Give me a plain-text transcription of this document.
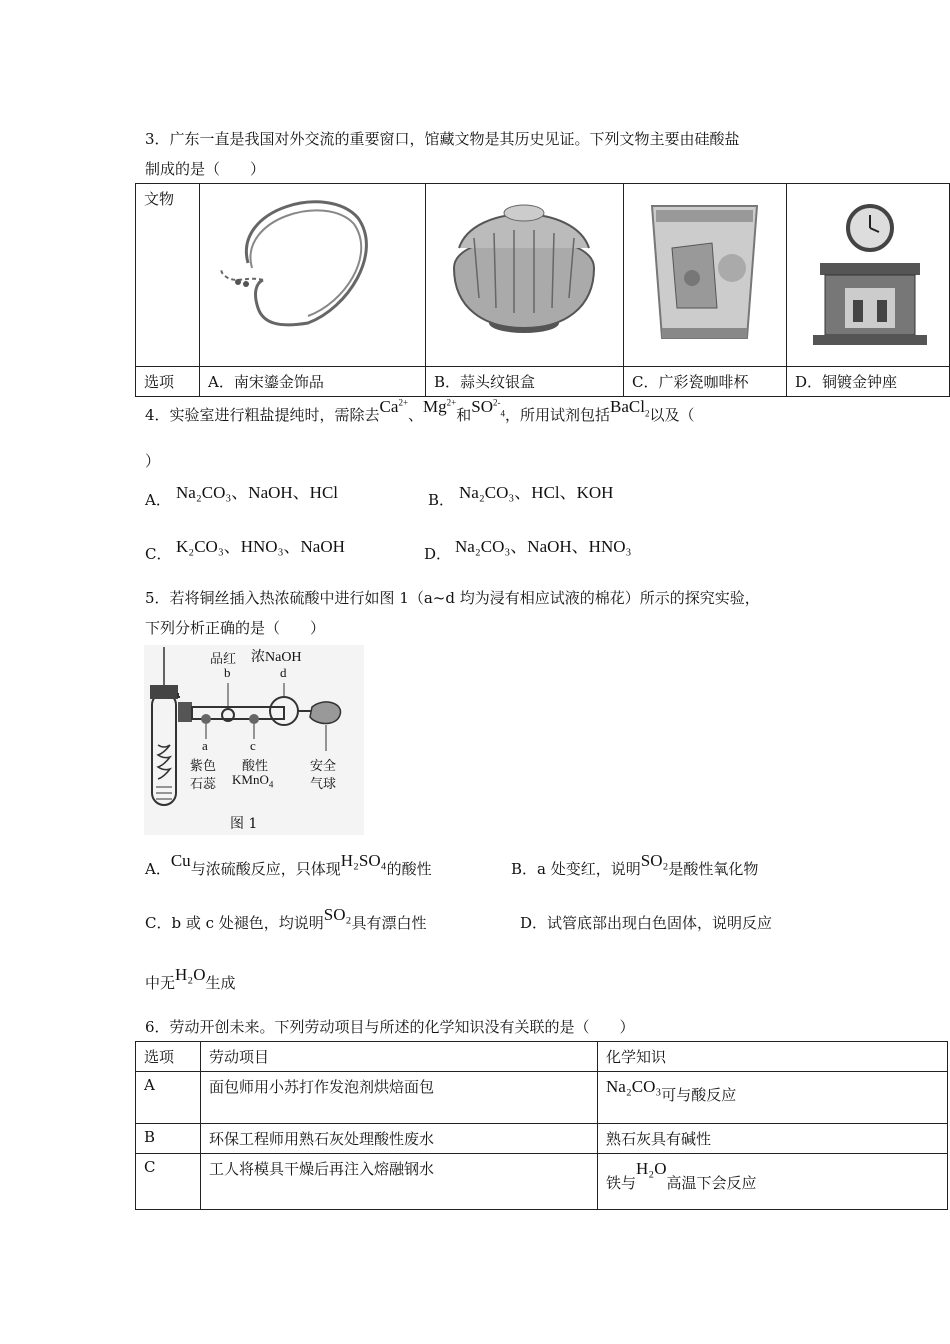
3．广东一直是我国对外交流的重要窗口，馆藏文物是其历史见证。下列文物主要由硅酸盐
制成的是（　　）
文物				
选项	A．南宋鎏金饰品	B．蒜头纹银盒	C．广彩瓷咖啡杯	D．铜镀金钟座
4．实验室进行粗盐提纯时，需除去$Ca^{2+}$、$Mg^{2+}$和$SO^{2-}_4$，所用试剂包括BaCl$_2$以及（
）
A． Na₂CO₃、NaOH、HCl	B． Na₂CO₃、HCl、KOH
C． K₂CO₃、HNO₃、NaOH	D． Na₂CO₃、NaOH、HNO₃
5．若将铜丝插入热浓硫酸中进行如图 1（a~d 均为浸有相应试液的棉花）所示的探究实验，
下列分析正确的是（　　）
品红 浓NaOH
b	d
a	c
紫色
石蕊
酸性
KMnO$_4$
安全
气球
图 1
A．Cu与浓硫酸反应，只体现H₂SO₄的酸性	B．a 处变红，说明SO₂是酸性氧化物
C．b 或 c 处褪色，均说明SO₂具有漂白性	D．试管底部出现白色固体，说明反应
中无H₂O生成
6．劳动开创未来。下列劳动项目与所述的化学知识没有关联的是（　　）
选项	劳动项目	化学知识
A	面包师用小苏打作发泡剂烘焙面包	Na₂CO₃可与酸反应
B	环保工程师用熟石灰处理酸性废水	熟石灰具有碱性
C	工人将模具干燥后再注入熔融钢水	铁与H₂O高温下会反应
